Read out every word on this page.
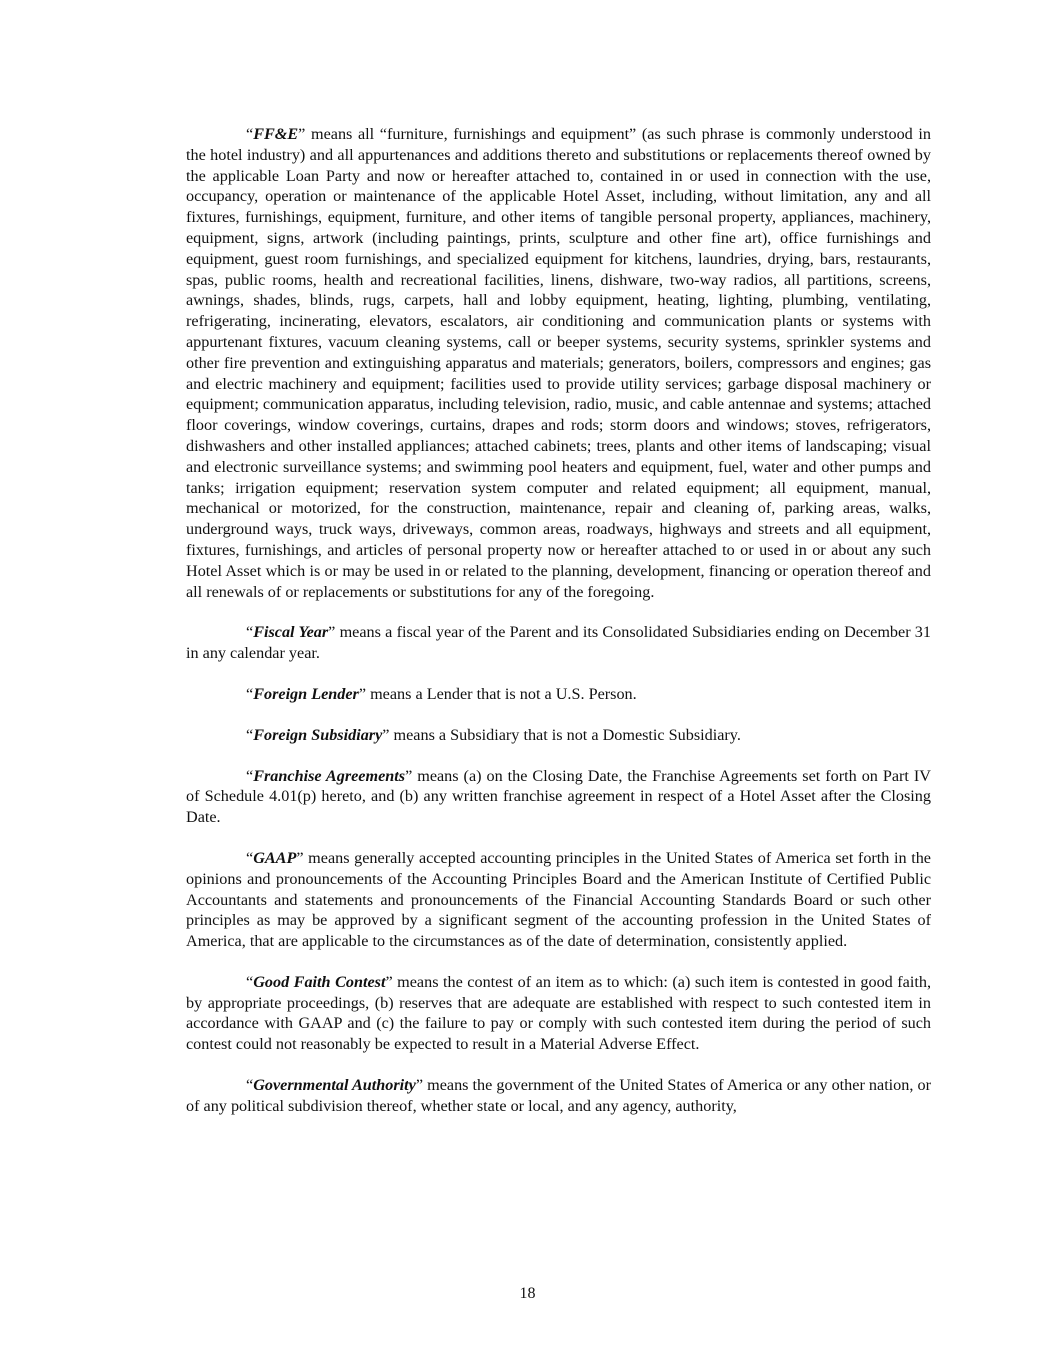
“FF&E” means all “furniture, furnishings and equipment” (as such phrase is commonly understood in the hotel industry) and all appurtenances and additions thereto and substitutions or replacements thereof owned by the applicable Loan Party and now or hereafter attached to, contained in or used in connection with the use, occupancy, operation or maintenance of the applicable Hotel Asset, including, without limitation, any and all fixtures, furnishings, equipment, furniture, and other items of tangible personal property, appliances, machinery, equipment, signs, artwork (including paintings, prints, sculpture and other fine art), office furnishings and equipment, guest room furnishings, and specialized equipment for kitchens, laundries, drying, bars, restaurants, spas, public rooms, health and recreational facilities, linens, dishware, two-way radios, all partitions, screens, awnings, shades, blinds, rugs, carpets, hall and lobby equipment, heating, lighting, plumbing, ventilating, refrigerating, incinerating, elevators, escalators, air conditioning and communication plants or systems with appurtenant fixtures, vacuum cleaning systems, call or beeper systems, security systems, sprinkler systems and other fire prevention and extinguishing apparatus and materials; generators, boilers, compressors and engines; gas and electric machinery and equipment; facilities used to provide utility services; garbage disposal machinery or equipment; communication apparatus, including television, radio, music, and cable antennae and systems; attached floor coverings, window coverings, curtains, drapes and rods; storm doors and windows; stoves, refrigerators, dishwashers and other installed appliances; attached cabinets; trees, plants and other items of landscaping; visual and electronic surveillance systems; and swimming pool heaters and equipment, fuel, water and other pumps and tanks; irrigation equipment; reservation system computer and related equipment; all equipment, manual, mechanical or motorized, for the construction, maintenance, repair and cleaning of, parking areas, walks, underground ways, truck ways, driveways, common areas, roadways, highways and streets and all equipment, fixtures, furnishings, and articles of personal property now or hereafter attached to or used in or about any such Hotel Asset which is or may be used in or related to the planning, development, financing or operation thereof and all renewals of or replacements or substitutions for any of the foregoing.

“Fiscal Year” means a fiscal year of the Parent and its Consolidated Subsidiaries ending on December 31 in any calendar year.

“Foreign Lender” means a Lender that is not a U.S. Person.

“Foreign Subsidiary” means a Subsidiary that is not a Domestic Subsidiary.

“Franchise Agreements” means (a) on the Closing Date, the Franchise Agreements set forth on Part IV of Schedule 4.01(p) hereto, and (b) any written franchise agreement in respect of a Hotel Asset after the Closing Date.

“GAAP” means generally accepted accounting principles in the United States of America set forth in the opinions and pronouncements of the Accounting Principles Board and the American Institute of Certified Public Accountants and statements and pronouncements of the Financial Accounting Standards Board or such other principles as may be approved by a significant segment of the accounting profession in the United States of America, that are applicable to the circumstances as of the date of determination, consistently applied.

“Good Faith Contest” means the contest of an item as to which: (a) such item is contested in good faith, by appropriate proceedings, (b) reserves that are adequate are established with respect to such contested item in accordance with GAAP and (c) the failure to pay or comply with such contested item during the period of such contest could not reasonably be expected to result in a Material Adverse Effect.

“Governmental Authority” means the government of the United States of America or any other nation, or of any political subdivision thereof, whether state or local, and any agency, authority,

18
